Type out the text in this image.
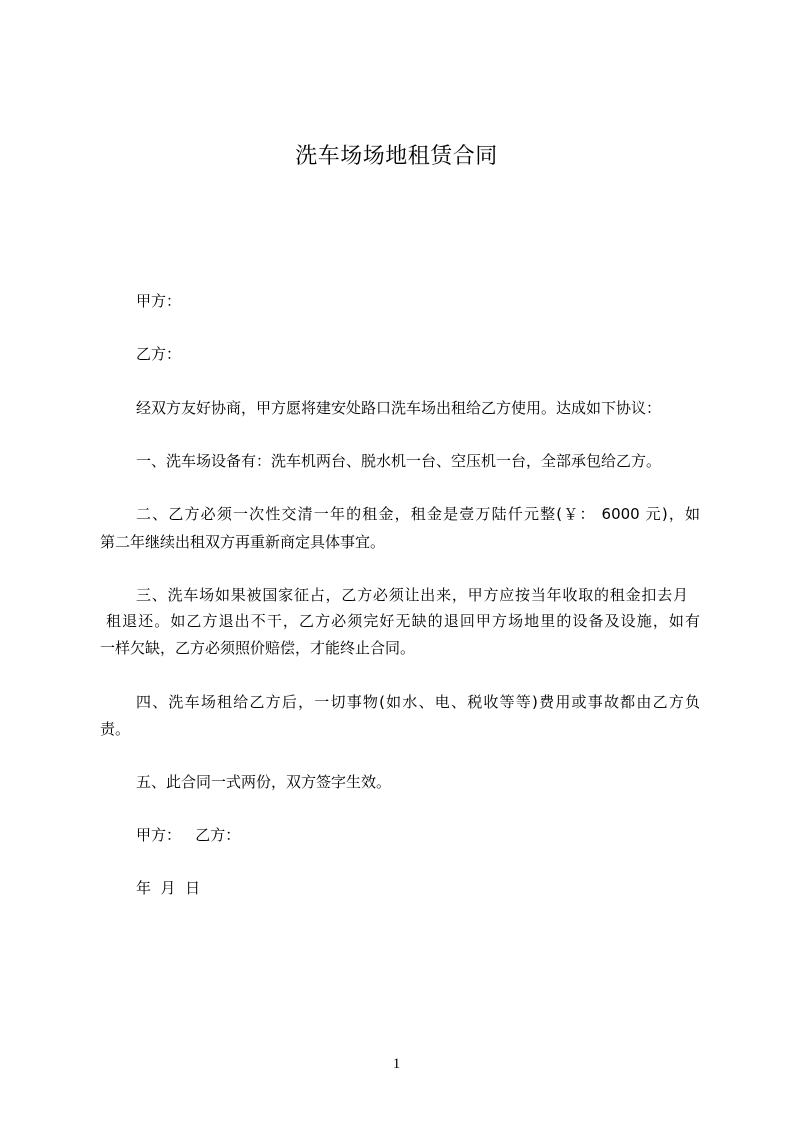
洗车场场地租赁合同
甲方：
乙方：
经双方友好协商，甲方愿将建安处路口洗车场出租给乙方使用。达成如下协议：
一、洗车场设备有：洗车机两台、脱水机一台、空压机一台，全部承包给乙方。
二、乙方必须一次性交清一年的租金，租金是壹万陆仟元整(￥： 6000 元)，如
第二年继续出租双方再重新商定具体事宜。
三、洗车场如果被国家征占，乙方必须让出来，甲方应按当年收取的租金扣去月
租退还。如乙方退出不干，乙方必须完好无缺的退回甲方场地里的设备及设施，如有
一样欠缺，乙方必须照价赔偿，才能终止合同。
四、洗车场租给乙方后，一切事物(如水、电、税收等等)费用或事故都由乙方负
责。
五、此合同一式两份，双方签字生效。
甲方：   乙方：
年  月  日
1
